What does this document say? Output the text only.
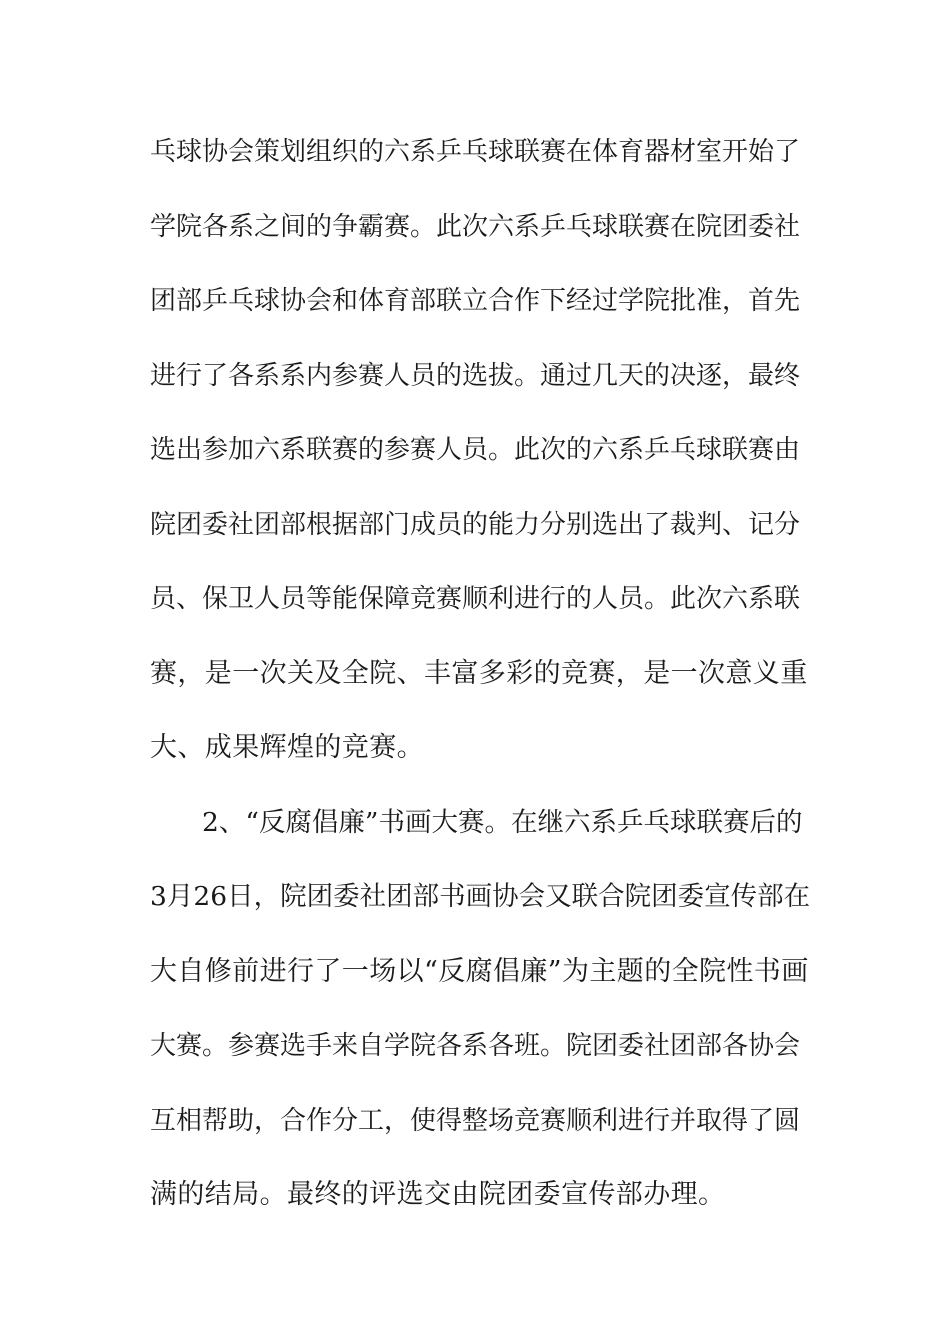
乓球协会策划组织的六系乒乓球联赛在体育器材室开始了
学院各系之间的争霸赛。此次六系乒乓球联赛在院团委社
团部乒乓球协会和体育部联立合作下经过学院批准，首先
进行了各系系内参赛人员的选拔。通过几天的决逐，最终
选出参加六系联赛的参赛人员。此次的六系乒乓球联赛由
院团委社团部根据部门成员的能力分别选出了裁判、记分
员、保卫人员等能保障竞赛顺利进行的人员。此次六系联
赛，是一次关及全院、丰富多彩的竞赛，是一次意义重
大、成果辉煌的竞赛。
2、“反腐倡廉”书画大赛。在继六系乒乓球联赛后的
3月26日，院团委社团部书画协会又联合院团委宣传部在
大自修前进行了一场以“反腐倡廉”为主题的全院性书画
大赛。参赛选手来自学院各系各班。院团委社团部各协会
互相帮助，合作分工，使得整场竞赛顺利进行并取得了圆
满的结局。最终的评选交由院团委宣传部办理。
